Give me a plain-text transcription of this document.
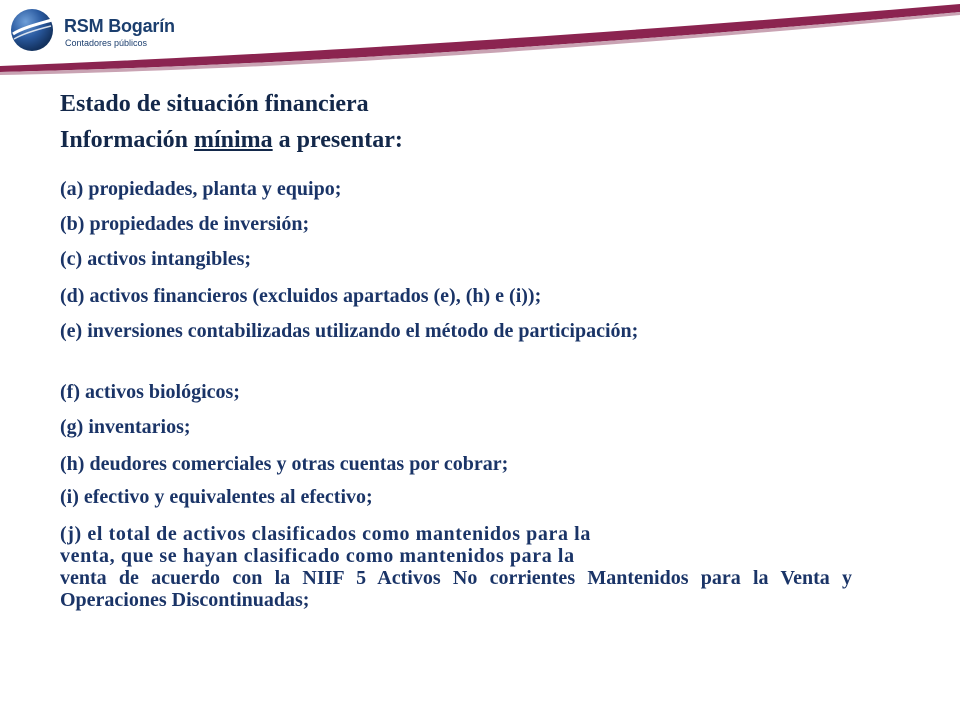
RSM Bogarín
Contadores públicos
Estado de situación financiera
Información mínima a presentar:

(a) propiedades, planta y equipo;

(b) propiedades de inversión;

(c) activos intangibles;

(d) activos financieros (excluidos apartados (e), (h) e (i));

(e) inversiones contabilizadas utilizando el método de participación;

(f) activos biológicos;

(g) inventarios;

(h) deudores comerciales y otras cuentas por cobrar;

(i) efectivo y equivalentes al efectivo;

(j) el total de activos clasificados como mantenidos para la

venta, que se hayan clasificado como mantenidos para la

venta de acuerdo con la NIIF 5 Activos No corrientes Mantenidos para la Venta y Operaciones Discontinuadas;
